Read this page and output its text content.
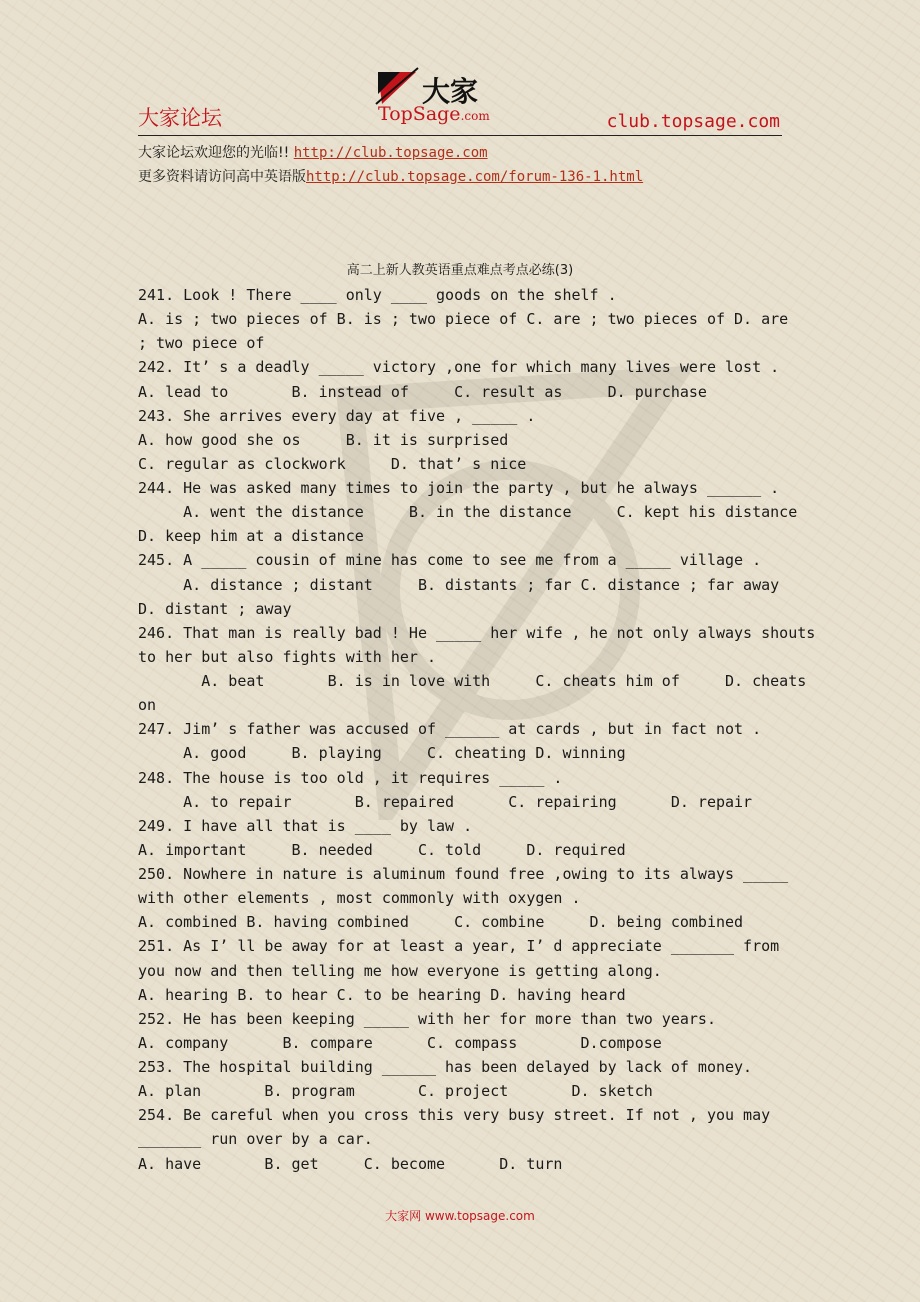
大家论坛
大家
TopSage.com	club.topsage.com
大家论坛欢迎您的光临!! http://club.topsage.com
更多资料请访问高中英语版http://club.topsage.com/forum-136-1.html
高二上新人教英语重点难点考点必练(3)
241. Look ! There ____ only ____ goods on the shelf .
A. is ; two pieces of B. is ; two piece of C. are ; two pieces of D. are
; two piece of
242. It’ s a deadly _____ victory ,one for which many lives were lost .
A. lead to       B. instead of     C. result as     D. purchase
243. She arrives every day at five , _____ .
A. how good she os     B. it is surprised
C. regular as clockwork     D. that’ s nice
244. He was asked many times to join the party , but he always ______ .
A. went the distance     B. in the distance     C. kept his distance
D. keep him at a distance
245. A _____ cousin of mine has come to see me from a _____ village .
A. distance ; distant     B. distants ; far C. distance ; far away
D. distant ; away
246. That man is really bad ! He _____ her wife , he not only always shouts
to her but also fights with her .
A. beat       B. is in love with     C. cheats him of     D. cheats
on
247. Jim’ s father was accused of ______ at cards , but in fact not .
A. good     B. playing     C. cheating D. winning
248. The house is too old , it requires _____ .
A. to repair       B. repaired      C. repairing      D. repair
249. I have all that is ____ by law .
A. important     B. needed     C. told     D. required
250. Nowhere in nature is aluminum found free ,owing to its always _____
with other elements , most commonly with oxygen .
A. combined B. having combined     C. combine     D. being combined
251. As I’ ll be away for at least a year, I’ d appreciate _______ from
you now and then telling me how everyone is getting along.
A. hearing B. to hear C. to be hearing D. having heard
252. He has been keeping _____ with her for more than two years.
A. company      B. compare      C. compass       D.compose
253. The hospital building ______ has been delayed by lack of money.
A. plan       B. program       C. project       D. sketch
254. Be careful when you cross this very busy street. If not , you may
_______ run over by a car.
A. have       B. get     C. become      D. turn
大家网 www.topsage.com
